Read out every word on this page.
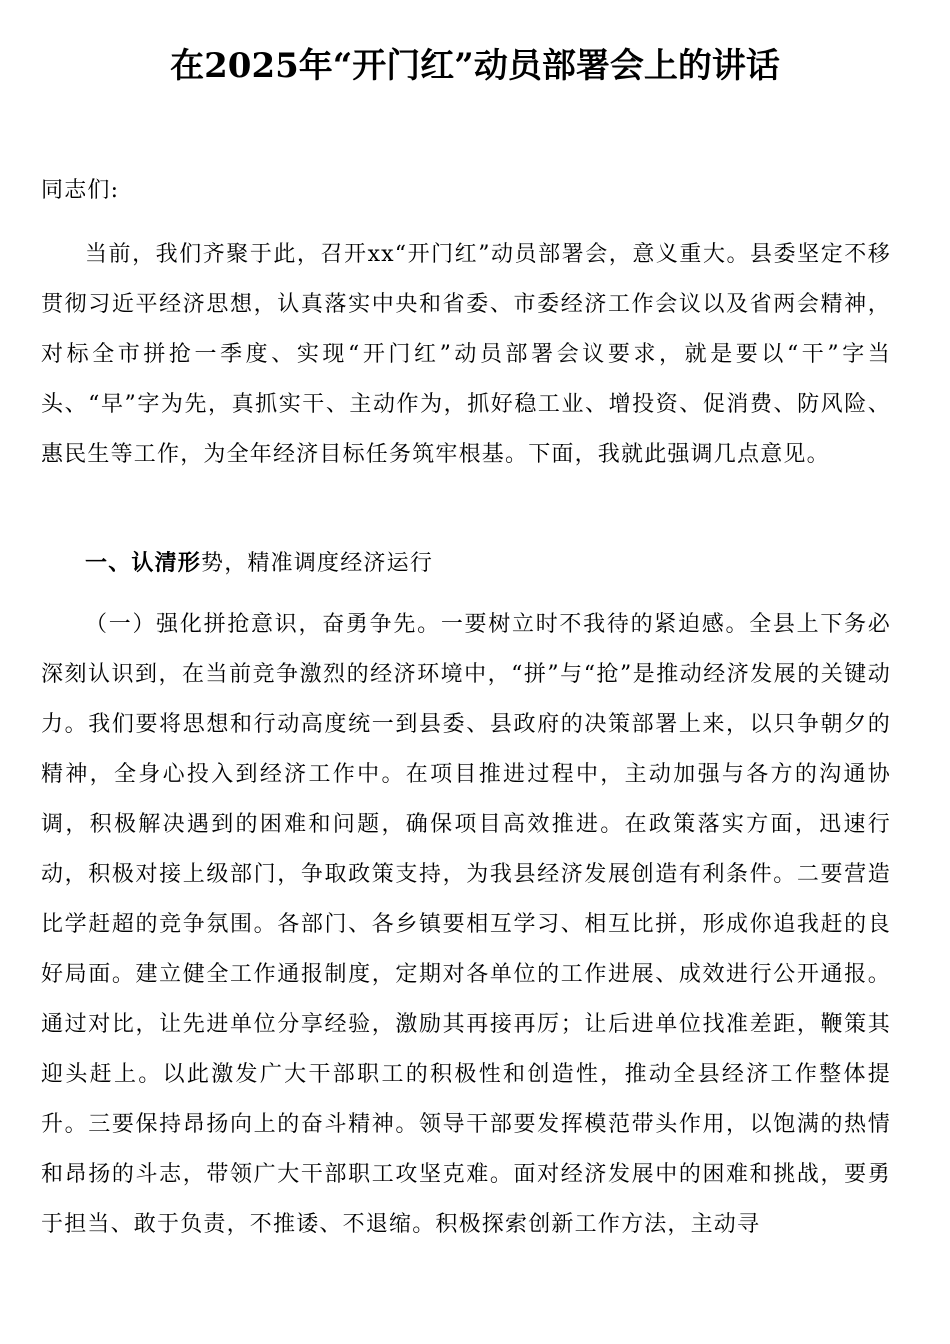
在2025年“开门红”动员部署会上的讲话
同志们:
当前，我们齐聚于此，召开xx“开门红”动员部署会，意义重大。县委坚定不移贯彻习近平经济思想，认真落实中央和省委、市委经济工作会议以及省两会精神，对标全市拼抢一季度、实现“开门红”动员部署会议要求，就是要以“干”字当头、“早”字为先，真抓实干、主动作为，抓好稳工业、增投资、促消费、防风险、惠民生等工作，为全年经济目标任务筑牢根基。下面，我就此强调几点意见。
一、认清形势，精准调度经济运行
（一）强化拼抢意识，奋勇争先。一要树立时不我待的紧迫感。全县上下务必深刻认识到，在当前竞争激烈的经济环境中，“拼”与“抢”是推动经济发展的关键动力。我们要将思想和行动高度统一到县委、县政府的决策部署上来，以只争朝夕的精神，全身心投入到经济工作中。在项目推进过程中，主动加强与各方的沟通协调，积极解决遇到的困难和问题，确保项目高效推进。在政策落实方面，迅速行动，积极对接上级部门，争取政策支持，为我县经济发展创造有利条件。二要营造比学赶超的竞争氛围。各部门、各乡镇要相互学习、相互比拼，形成你追我赶的良好局面。建立健全工作通报制度，定期对各单位的工作进展、成效进行公开通报。通过对比，让先进单位分享经验，激励其再接再厉；让后进单位找准差距，鞭策其迎头赶上。以此激发广大干部职工的积极性和创造性，推动全县经济工作整体提升。三要保持昂扬向上的奋斗精神。领导干部要发挥模范带头作用，以饱满的热情和昂扬的斗志，带领广大干部职工攻坚克难。面对经济发展中的困难和挑战，要勇于担当、敢于负责，不推诿、不退缩。积极探索创新工作方法，主动寻
